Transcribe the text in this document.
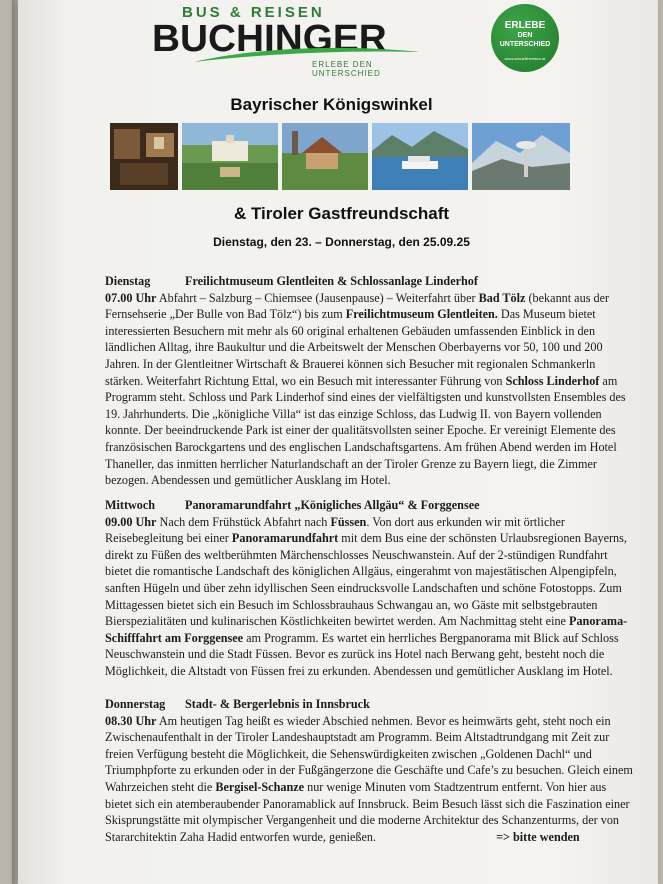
BUS & REISEN
BUCHINGER
ERLEBE DEN UNTERSCHIED
ERLEBE
DEN
UNTERSCHIED
www.schuellerreisen.at
Bayrischer Königswinkel
& Tiroler Gastfreundschaft
Dienstag, den 23. – Donnerstag, den 25.09.25

Dienstag	Freilichtmuseum Glentleiten & Schlossanlage Linderhof

07.00 Uhr Abfahrt – Salzburg – Chiemsee (Jausenpause) – Weiterfahrt über Bad Tölz (bekannt aus der Fernsehserie „Der Bulle von Bad Tölz“) bis zum Freilichtmuseum Glentleiten. Das Museum bietet interessierten Besuchern mit mehr als 60 original erhaltenen Gebäuden umfassenden Einblick in den ländlichen Alltag, ihre Baukultur und die Arbeitswelt der Menschen Oberbayerns vor 50, 100 und 200 Jahren. In der Glentleitner Wirtschaft & Brauerei können sich Besucher mit regionalen Schmankerln stärken. Weiterfahrt Richtung Ettal, wo ein Besuch mit interessanter Führung von Schloss Linderhof am Programm steht. Schloss und Park Linderhof sind eines der vielfältigsten und kunstvollsten Ensembles des 19. Jahrhunderts. Die „königliche Villa“ ist das einzige Schloss, das Ludwig II. von Bayern vollenden konnte. Der beeindruckende Park ist einer der qualitätsvollsten seiner Epoche. Er vereinigt Elemente des französischen Barockgartens und des englischen Landschaftsgartens. Am frühen Abend werden im Hotel Thaneller, das inmitten herrlicher Naturlandschaft an der Tiroler Grenze zu Bayern liegt, die Zimmer bezogen. Abendessen und gemütlicher Ausklang im Hotel.

Mittwoch Panoramarundfahrt „Königliches Allgäu“ & Forggensee

09.00 Uhr Nach dem Frühstück Abfahrt nach Füssen. Von dort aus erkunden wir mit örtlicher Reisebegleitung bei einer Panoramarundfahrt mit dem Bus eine der schönsten Urlaubsregionen Bayerns, direkt zu Füßen des weltberühmten Märchenschlosses Neuschwanstein. Auf der 2-stündigen Rundfahrt bietet die romantische Landschaft des königlichen Allgäus, eingerahmt von majestätischen Alpengipfeln, sanften Hügeln und über zehn idyllischen Seen eindrucksvolle Landschaften und schöne Fotostopps. Zum Mittagessen bietet sich ein Besuch im Schlossbrauhaus Schwangau an, wo Gäste mit selbstgebrauten Bierspezialitäten und kulinarischen Köstlichkeiten bewirtet werden. Am Nachmittag steht eine Panorama-Schifffahrt am Forggensee am Programm. Es wartet ein herrliches Bergpanorama mit Blick auf Schloss Neuschwanstein und die Stadt Füssen. Bevor es zurück ins Hotel nach Berwang geht, besteht noch die Möglichkeit, die Altstadt von Füssen frei zu erkunden. Abendessen und gemütlicher Ausklang im Hotel.

Donnerstag Stadt- & Bergerlebnis in Innsbruck

08.30 Uhr Am heutigen Tag heißt es wieder Abschied nehmen. Bevor es heimwärts geht, steht noch ein Zwischenaufenthalt in der Tiroler Landeshauptstadt am Programm. Beim Altstadtrundgang mit Zeit zur freien Verfügung besteht die Möglichkeit, die Sehenswürdigkeiten zwischen „Goldenen Dachl“ und Triumphpforte zu erkunden oder in der Fußgängerzone die Geschäfte und Cafe’s zu besuchen. Gleich einem Wahrzeichen steht die Bergisel-Schanze nur wenige Minuten vom Stadtzentrum entfernt. Von hier aus bietet sich ein atemberaubender Panoramablick auf Innsbruck. Beim Besuch lässt sich die Faszination einer Skisprungstätte mit olympischer Vergangenheit und die moderne Architektur des Schanzenturms, der von Stararchitektin Zaha Hadid entworfen wurde, genießen.	=> bitte wenden
